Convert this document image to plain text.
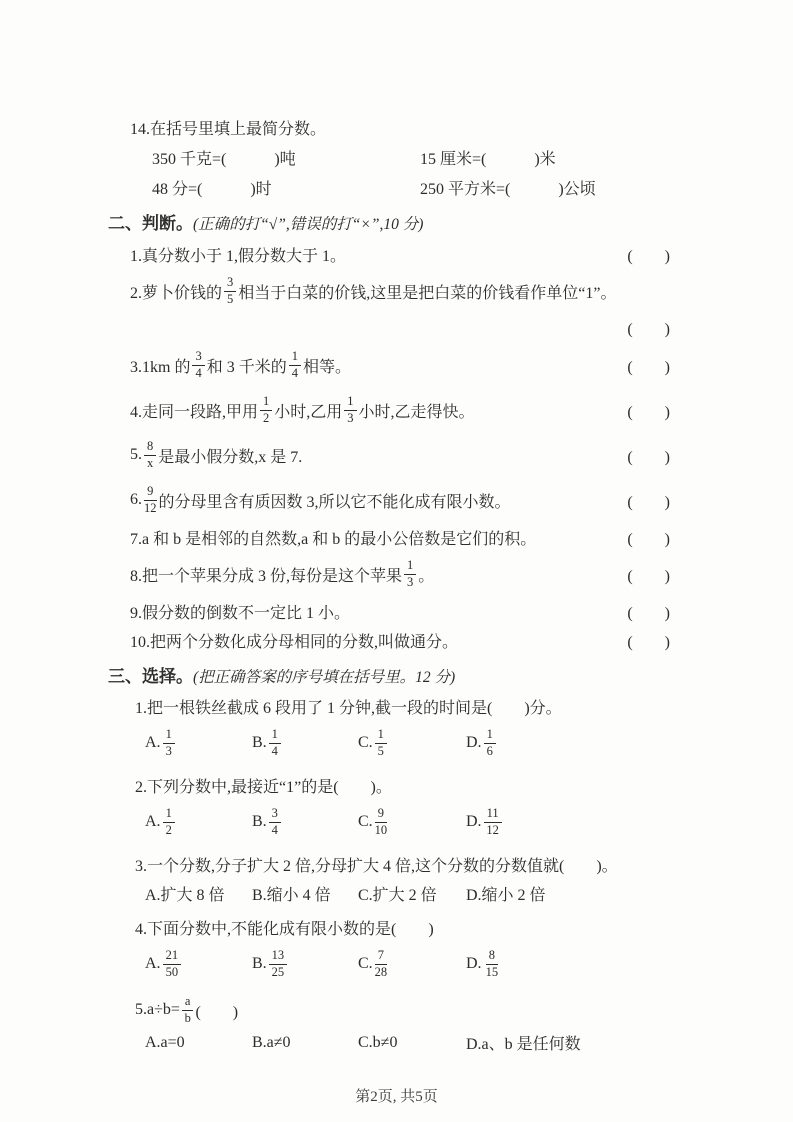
14.在括号里填上最简分数。
350 千克=(　　　)吨	15 厘米=(　　　)米
48 分=(　　　)时	250 平方米=(　　　)公顷
二、判断。(正确的打“√”,错误的打“×”,10 分)
1.真分数小于 1,假分数大于 1。	(　　)
2.萝卜价钱的 $\frac{3}{5}$ 相当于白菜的价钱,这里是把白菜的价钱看作单位“1”。
(　　)
3.1km 的 $\frac{3}{4}$ 和 3 千米的 $\frac{1}{4}$ 相等。	(　　)
4.走同一段路,甲用 $\frac{1}{2}$ 小时,乙用 $\frac{1}{3}$ 小时,乙走得快。	(　　)
5. $\frac{8}{x}$ 是最小假分数,x 是 7.	(　　)
6. $\frac{9}{12}$ 的分母里含有质因数 3,所以它不能化成有限小数。	(　　)
7.a 和 b 是相邻的自然数,a 和 b 的最小公倍数是它们的积。	(　　)
8.把一个苹果分成 3 份,每份是这个苹果 $\frac{1}{3}$ 。	(　　)
9.假分数的倒数不一定比 1 小。	(　　)
10.把两个分数化成分母相同的分数,叫做通分。	(　　)
三、选择。(把正确答案的序号填在括号里。12 分)
1.把一根铁丝截成 6 段用了 1 分钟,截一段的时间是(　　)分。
A. $\frac{1}{3}$	B. $\frac{1}{4}$	C. $\frac{1}{5}$	D. $\frac{1}{6}$
2.下列分数中,最接近“1”的是(　　)。
A. $\frac{1}{2}$	B. $\frac{3}{4}$	C. $\frac{9}{10}$	D. $\frac{11}{12}$
3.一个分数,分子扩大 2 倍,分母扩大 4 倍,这个分数的分数值就(　　)。
A.扩大 8 倍	B.缩小 4 倍	C.扩大 2 倍	D.缩小 2 倍
4.下面分数中,不能化成有限小数的是(　　)
A. $\frac{21}{50}$	B. $\frac{13}{25}$	C. $\frac{7}{28}$	D. $\frac{8}{15}$
$5.a\div b= \frac{a}{b}$ (　　)
A.a=0	B.a≠0	C.b≠0	D.a、b 是任何数
第2页, 共5页
